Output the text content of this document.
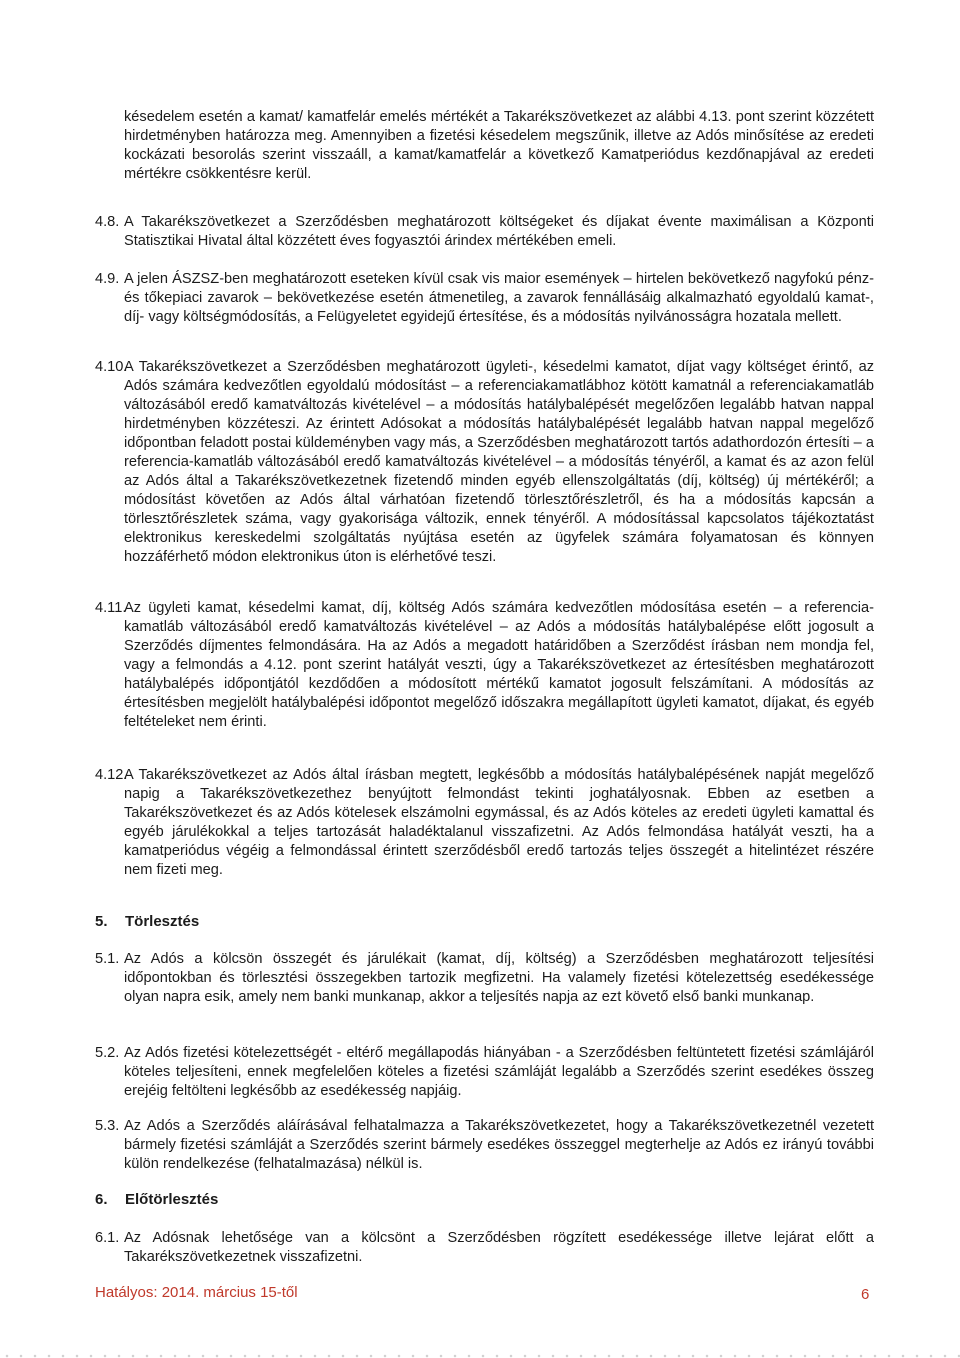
késedelem esetén a kamat/ kamatfelár emelés mértékét a Takarékszövetkezet az alábbi 4.13. pont szerint közzétett hirdetményben határozza meg. Amennyiben a fizetési késedelem megszűnik, illetve az Adós minősítése az eredeti kockázati besorolás szerint visszaáll, a kamat/kamatfelár a következő Kamatperiódus kezdőnapjával az eredeti mértékre csökkentésre kerül.

4.8. A Takarékszövetkezet a Szerződésben meghatározott költségeket és díjakat évente maximálisan a Központi Statisztikai Hivatal által közzétett éves fogyasztói árindex mértékében emeli.

4.9. A jelen ÁSZSZ-ben meghatározott eseteken kívül csak vis maior események – hirtelen bekövetkező nagyfokú pénz- és tőkepiaci zavarok – bekövetkezése esetén átmenetileg, a zavarok fennállásáig alkalmazható egyoldalú kamat-, díj- vagy költségmódosítás, a Felügyeletet egyidejű értesítése, és a módosítás nyilvánosságra hozatala mellett.

4.10.

A Takarékszövetkezet a Szerződésben meghatározott ügyleti-, késedelmi kamatot, díjat vagy költséget érintő, az Adós számára kedvezőtlen egyoldalú módosítást – a referenciakamatlábhoz kötött kamatnál a referenciakamatláb változásából eredő kamatváltozás kivételével – a módosítás hatálybalépését megelőzően legalább hatvan nappal hirdetményben közzéteszi. Az érintett Adósokat a módosítás hatálybalépését legalább hatvan nappal megelőző időpontban feladott postai küldeményben vagy más, a Szerződésben meghatározott tartós adathordozón értesíti – a referencia-kamatláb változásából eredő kamatváltozás kivételével – a módosítás tényéről, a kamat és az azon felül az Adós által a Takarékszövetkezetnek fizetendő minden egyéb ellenszolgáltatás (díj, költség) új mértékéről; a módosítást követően az Adós által várhatóan fizetendő törlesztőrészletről, és ha a módosítás kapcsán a törlesztőrészletek száma, vagy gyakorisága változik, ennek tényéről. A módosítással kapcsolatos tájékoztatást elektronikus kereskedelmi szolgáltatás nyújtása esetén az ügyfelek számára folyamatosan és könnyen hozzáférhető módon elektronikus úton is elérhetővé teszi.

4.11.

Az ügyleti kamat, késedelmi kamat, díj, költség Adós számára kedvezőtlen módosítása esetén – a referencia-kamatláb változásából eredő kamatváltozás kivételével – az Adós a módosítás hatálybalépése előtt jogosult a Szerződés díjmentes felmondására. Ha az Adós a megadott határidőben a Szerződést írásban nem mondja fel, vagy a felmondás a 4.12. pont szerint hatályát veszti, úgy a Takarékszövetkezet az értesítésben meghatározott hatálybalépés időpontjától kezdődően a módosított mértékű kamatot jogosult felszámítani. A módosítás az értesítésben megjelölt hatálybalépési időpontot megelőző időszakra megállapított ügyleti kamatot, díjakat, és egyéb feltételeket nem érinti.

4.12.

A Takarékszövetkezet az Adós által írásban megtett, legkésőbb a módosítás hatálybalépésének napját megelőző napig a Takarékszövetkezethez benyújtott felmondást tekinti joghatályosnak. Ebben az esetben a Takarékszövetkezet és az Adós kötelesek elszámolni egymással, és az Adós köteles az eredeti ügyleti kamattal és egyéb járulékokkal a teljes tartozását haladéktalanul visszafizetni. Az Adós felmondása hatályát veszti, ha a kamatperiódus végéig a felmondással érintett szerződésből eredő tartozás teljes összegét a hitelintézet részére nem fizeti meg.

5. Törlesztés
5.1. Az Adós a kölcsön összegét és járulékait (kamat, díj, költség) a Szerződésben meghatározott teljesítési időpontokban és törlesztési összegekben tartozik megfizetni. Ha valamely fizetési kötelezettség esedékessége olyan napra esik, amely nem banki munkanap, akkor a teljesítés napja az ezt követő első banki munkanap.

5.2. Az Adós fizetési kötelezettségét - eltérő megállapodás hiányában - a Szerződésben feltüntetett fizetési számlájáról köteles teljesíteni, ennek megfelelően köteles a fizetési számláját legalább a Szerződés szerint esedékes összeg erejéig feltölteni legkésőbb az esedékesség napjáig.

5.3. Az Adós a Szerződés aláírásával felhatalmazza a Takarékszövetkezetet, hogy a Takarékszövetkezetnél vezetett bármely fizetési számláját a Szerződés szerint bármely esedékes összeggel megterhelje az Adós ez irányú további külön rendelkezése (felhatalmazása) nélkül is.

6. Előtörlesztés
6.1. Az Adósnak lehetősége van a kölcsönt a Szerződésben rögzített esedékessége illetve lejárat előtt a Takarékszövetkezetnek visszafizetni.

Hatályos: 2014. március 15-től	6
